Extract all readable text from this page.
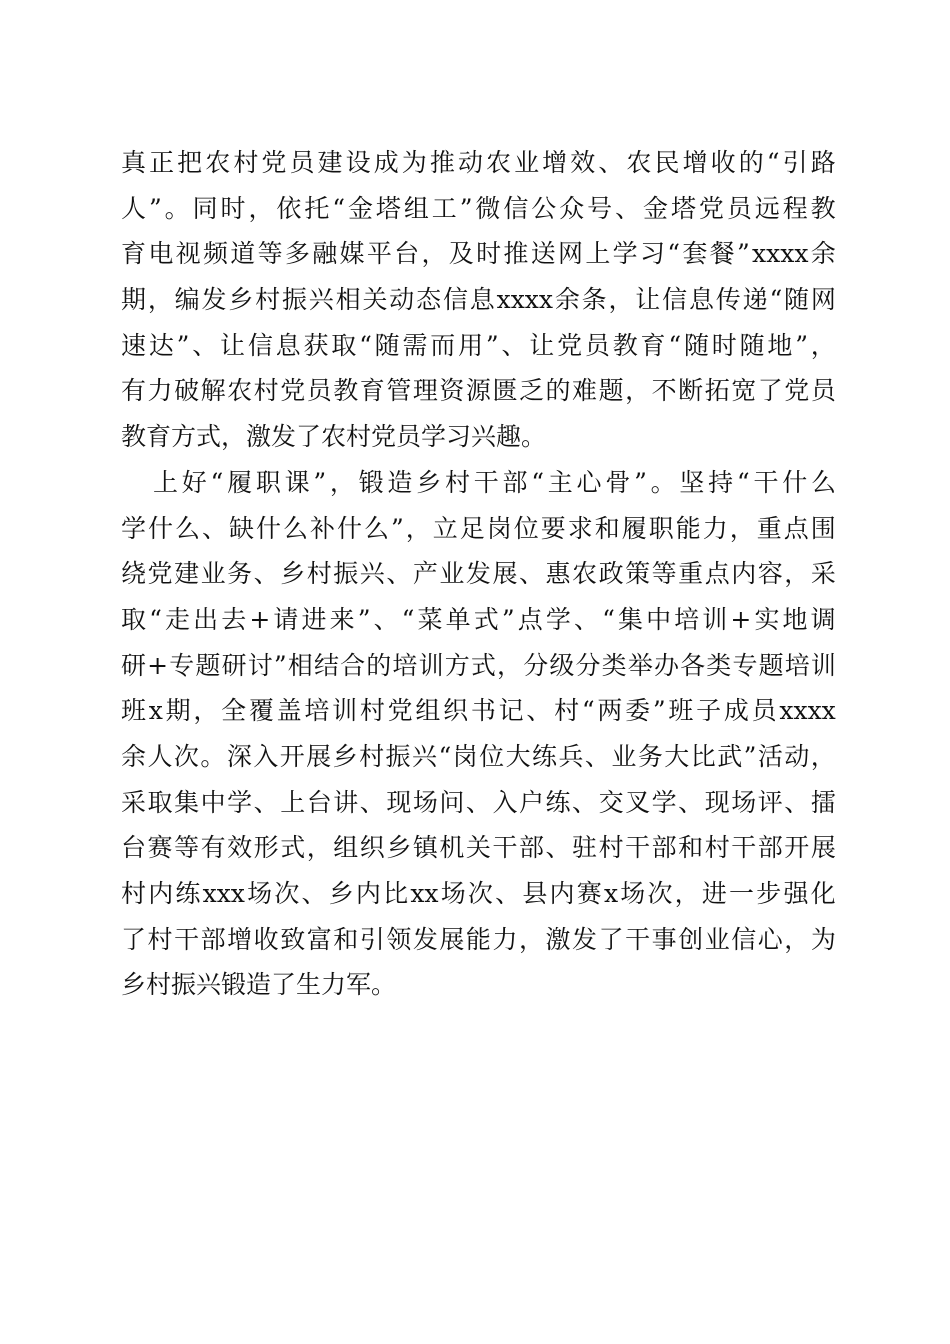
真 正 把 农 村 党 员 建 设 成 为 推 动 农 业 增 效 、 农 民 增 收 的 “ 引 路
人 ” 。 同 时 ， 依 托 “ 金 塔 组 工 ” 微 信 公 众 号 、 金 塔 党 员 远 程 教
育 电 视 频 道 等 多 融 媒 平 台 ， 及 时 推 送 网 上 学 习 “ 套 餐 ” xxxx 余
期 ， 编 发 乡 村 振 兴 相 关 动 态 信 息 xxxx 余 条 ， 让 信 息 传 递 “ 随 网
速 达 ” 、 让 信 息 获 取 “ 随 需 而 用 ” 、 让 党 员 教 育 “ 随 时 随 地 ” ，
有 力 破 解 农 村 党 员 教 育 管 理 资 源 匮 乏 的 难 题 ， 不 断 拓 宽 了 党 员
教育方式，激发了农村党员学习兴趣。
上 好 “ 履 职 课 ” ， 锻 造 乡 村 干 部 “ 主 心 骨 ” 。 坚 持 “ 干 什 么
学 什 么 、 缺 什 么 补 什 么 ” ， 立 足 岗 位 要 求 和 履 职 能 力 ， 重 点 围
绕 党 建 业 务 、 乡 村 振 兴 、 产 业 发 展 、 惠 农 政 策 等 重 点 内 容 ， 采
取 “ 走 出 去 + 请 进 来 ” 、 “ 菜 单 式 ” 点 学 、 “ 集 中 培 训 + 实 地 调
研 + 专 题 研 讨 ” 相 结 合 的 培 训 方 式 ， 分 级 分 类 举 办 各 类 专 题 培 训
班 x 期 ， 全 覆 盖 培 训 村 党 组 织 书 记 、 村 “ 两 委 ” 班 子 成 员 xxxx
余 人 次 。 深 入 开 展 乡 村 振 兴 “ 岗 位 大 练 兵 、 业 务 大 比 武 ” 活 动 ，
采 取 集 中 学 、 上 台 讲 、 现 场 问 、 入 户 练 、 交 叉 学 、 现 场 评 、 擂
台 赛 等 有 效 形 式 ， 组 织 乡 镇 机 关 干 部 、 驻 村 干 部 和 村 干 部 开 展
村 内 练 xxx 场 次 、 乡 内 比 xx 场 次 、 县 内 赛 x 场 次 ， 进 一 步 强 化
了 村 干 部 增 收 致 富 和 引 领 发 展 能 力 ， 激 发 了 干 事 创 业 信 心 ， 为
乡村振兴锻造了生力军。
